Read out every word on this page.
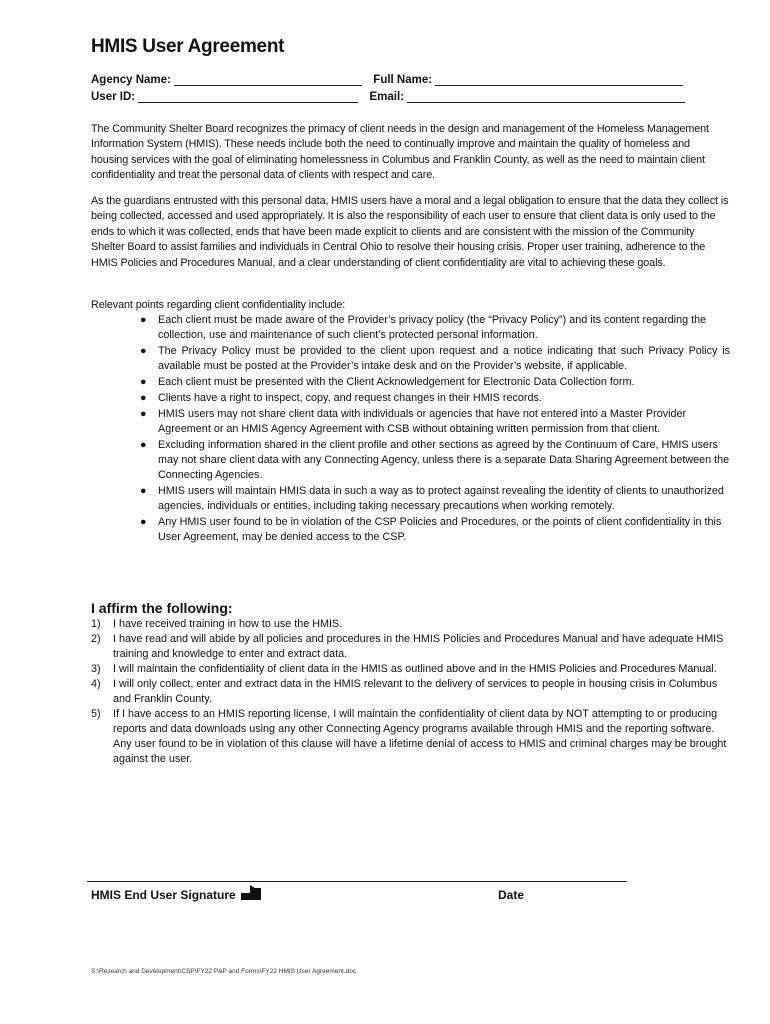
HMIS User Agreement
Agency Name:	Full Name:
User ID:	Email:
The Community Shelter Board recognizes the primacy of client needs in the design and management of the Homeless Management Information System (HMIS). These needs include both the need to continually improve and maintain the quality of homeless and housing services with the goal of eliminating homelessness in Columbus and Franklin County, as well as the need to maintain client confidentiality and treat the personal data of clients with respect and care.
As the guardians entrusted with this personal data, HMIS users have a moral and a legal obligation to ensure that the data they collect is being collected, accessed and used appropriately. It is also the responsibility of each user to ensure that client data is only used to the ends to which it was collected, ends that have been made explicit to clients and are consistent with the mission of the Community Shelter Board to assist families and individuals in Central Ohio to resolve their housing crisis. Proper user training, adherence to the HMIS Policies and Procedures Manual, and a clear understanding of client confidentiality are vital to achieving these goals.
Relevant points regarding client confidentiality include:
● Each client must be made aware of the Provider’s privacy policy (the “Privacy Policy”) and its content regarding the collection, use and maintenance of such client’s protected personal information.
● The Privacy Policy must be provided to the client upon request and a notice indicating that such Privacy Policy is available must be posted at the Provider’s intake desk and on the Provider’s website, if applicable.
● Each client must be presented with the Client Acknowledgement for Electronic Data Collection form.
● Clients have a right to inspect, copy, and request changes in their HMIS records.
● HMIS users may not share client data with individuals or agencies that have not entered into a Master Provider Agreement or an HMIS Agency Agreement with CSB without obtaining written permission from that client.
● Excluding information shared in the client profile and other sections as agreed by the Continuum of Care, HMIS users may not share client data with any Connecting Agency, unless there is a separate Data Sharing Agreement between the Connecting Agencies.
● HMIS users will maintain HMIS data in such a way as to protect against revealing the identity of clients to unauthorized agencies, individuals or entities, including taking necessary precautions when working remotely.
● Any HMIS user found to be in violation of the CSP Policies and Procedures, or the points of client confidentiality in this User Agreement, may be denied access to the CSP.
I affirm the following:
1) I have received training in how to use the HMIS.
2) I have read and will abide by all policies and procedures in the HMIS Policies and Procedures Manual and have adequate HMIS training and knowledge to enter and extract data.
3) I will maintain the confidentiality of client data in the HMIS as outlined above and in the HMIS Policies and Procedures Manual.
4) I will only collect, enter and extract data in the HMIS relevant to the delivery of services to people in housing crisis in Columbus and Franklin County.
5) If I have access to an HMIS reporting license, I will maintain the confidentiality of client data by NOT attempting to or producing reports and data downloads using any other Connecting Agency programs available through HMIS and the reporting software. Any user found to be in violation of this clause will have a lifetime denial of access to HMIS and criminal charges may be brought against the user.
HMIS End User Signature	Date
S:\Research and Development\CSP\FY22 P&P and Forms\FY22 HMIS User Agreement.doc
